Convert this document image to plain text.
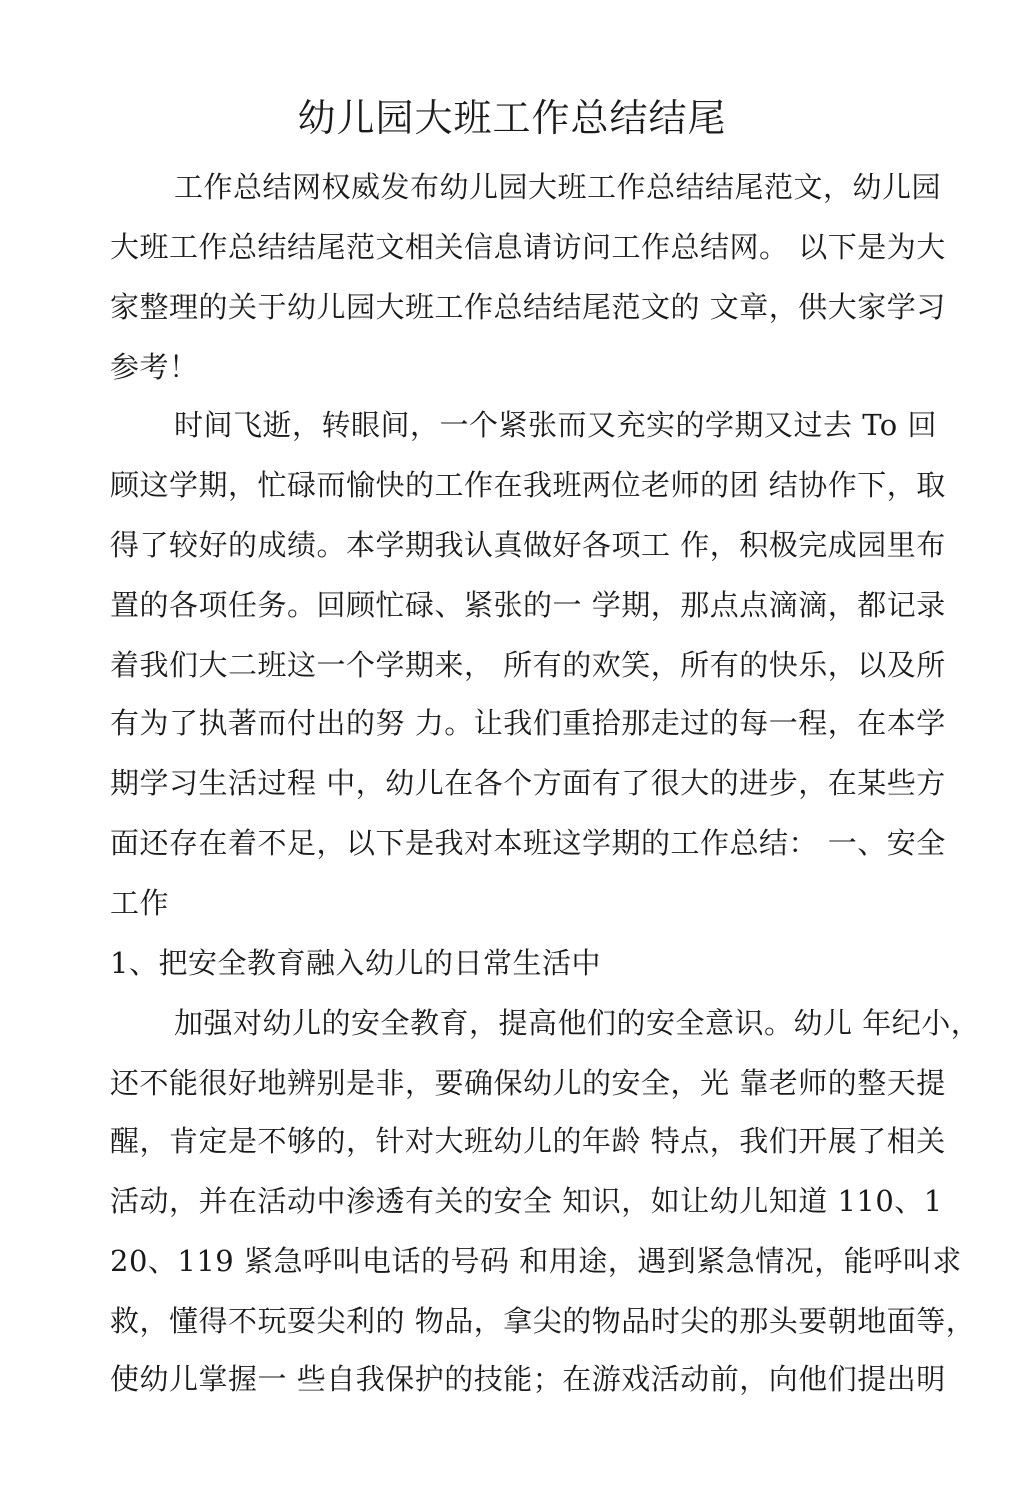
幼儿园大班工作总结结尾
工作总结网权威发布幼儿园大班工作总结结尾范文，幼儿园
大班工作总结结尾范文相关信息请访问工作总结网。 以下是为大
家整理的关于幼儿园大班工作总结结尾范文的 文章，供大家学习
参考！
时间飞逝，转眼间，一个紧张而又充实的学期又过去 To 回
顾这学期，忙碌而愉快的工作在我班两位老师的团 结协作下，取
得了较好的成绩。本学期我认真做好各项工 作，积极完成园里布
置的各项任务。回顾忙碌、紧张的一 学期，那点点滴滴，都记录
着我们大二班这一个学期来， 所有的欢笑，所有的快乐，以及所
有为了执著而付出的努 力。让我们重拾那走过的每一程，在本学
期学习生活过程 中，幼儿在各个方面有了很大的进步，在某些方
面还存在着不足，以下是我对本班这学期的工作总结： 一、安全
工作
1、把安全教育融入幼儿的日常生活中
加强对幼儿的安全教育，提高他们的安全意识。幼儿 年纪小，
还不能很好地辨别是非，要确保幼儿的安全，光 靠老师的整天提
醒，肯定是不够的，针对大班幼儿的年龄 特点，我们开展了相关
活动，并在活动中渗透有关的安全 知识，如让幼儿知道 110、1
20、119 紧急呼叫电话的号码 和用途，遇到紧急情况，能呼叫求
救，懂得不玩耍尖利的 物品，拿尖的物品时尖的那头要朝地面等，
使幼儿掌握一 些自我保护的技能；在游戏活动前，向他们提出明
